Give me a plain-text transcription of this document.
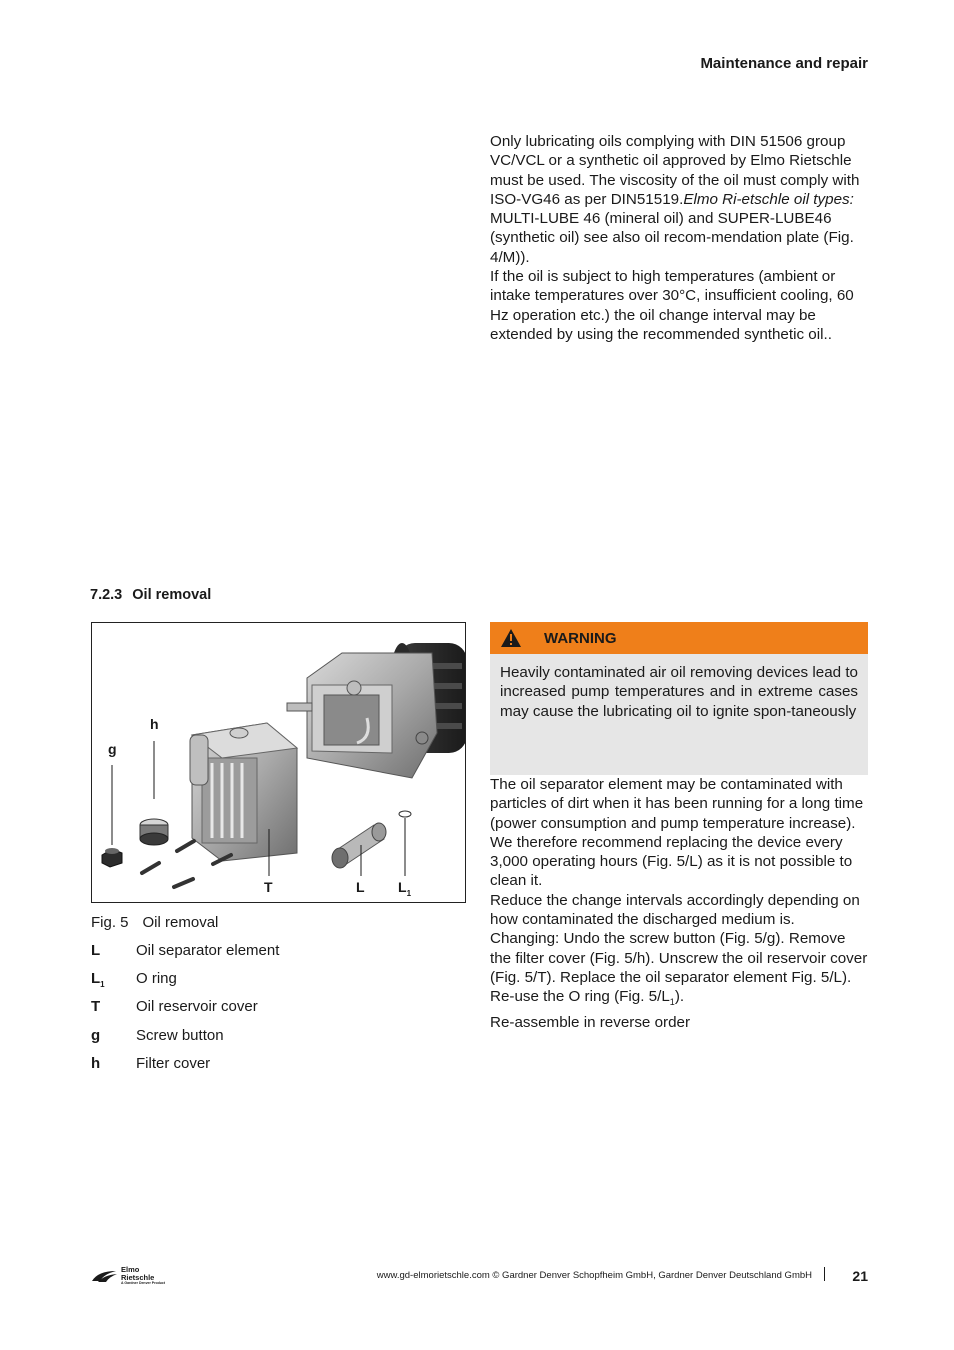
Maintenance and repair

Only lubricating oils complying with DIN 51506 group VC/VCL or a synthetic oil approved by Elmo Rietschle must be used. The viscosity of the oil must comply with ISO-VG46 as per DIN51519.Elmo Ri-etschle oil types: MULTI-LUBE 46 (mineral oil) and SUPER-LUBE46 (synthetic oil) see also oil recom-mendation plate (Fig. 4/M)).

If the oil is subject to high temperatures (ambient or intake temperatures over 30°C, insufficient cooling, 60 Hz operation etc.) the oil change interval may be extended by using the recommended synthetic oil..

7.2.3 Oil removal
h
g
T	L $L_1$
Fig. 5 Oil removal
L	Oil separator element
$L_1$	O ring
T	Oil reservoir cover
g	Screw button
h	Filter cover
WARNING
Heavily contaminated air oil removing devices lead to increased pump temperatures and in extreme cases may cause the lubricating oil to ignite spon-taneously

The oil separator element may be contaminated with particles of dirt when it has been running for a long time (power consumption and pump temperature increase). We therefore recommend replacing the device every 3,000 operating hours (Fig. 5/L) as it is not possible to clean it.

Reduce the change intervals accordingly depending on how contaminated the discharged medium is.

Changing: Undo the screw button (Fig. 5/g). Remove the filter cover (Fig. 5/h). Unscrew the oil reservoir cover (Fig. 5/T). Replace the oil separator element Fig. 5/L). Re-use the O ring (Fig. $5/L_1$).

Re-assemble in reverse order

Elmo
Rietschle
A Gardner Denver Product
www.gd-elmorietschle.com © Gardner Denver Schopfheim GmbH, Gardner Denver Deutschland GmbH	21
